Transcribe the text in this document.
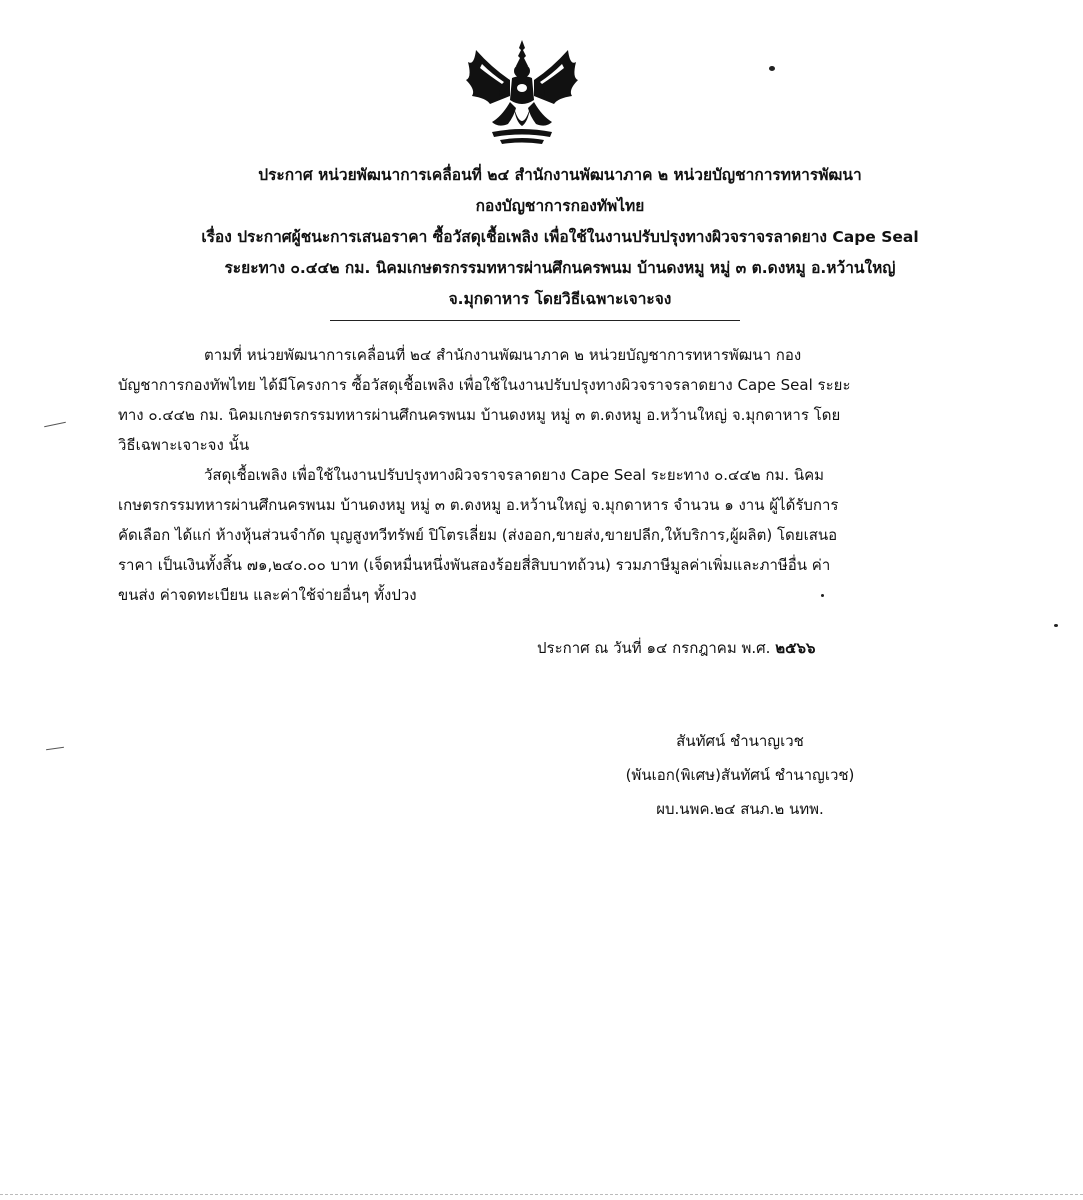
ประกาศ หน่วยพัฒนาการเคลื่อนที่ ๒๔ สำนักงานพัฒนาภาค ๒ หน่วยบัญชาการทหารพัฒนา
กองบัญชาการกองทัพไทย
เรื่อง ประกาศผู้ชนะการเสนอราคา ซื้อวัสดุเชื้อเพลิง เพื่อใช้ในงานปรับปรุงทางผิวจราจรลาดยาง Cape Seal
ระยะทาง ๐.๔๔๒ กม. นิคมเกษตรกรรมทหารผ่านศึกนครพนม บ้านดงหมู หมู่ ๓ ต.ดงหมู อ.หว้านใหญ่
จ.มุกดาหาร โดยวิธีเฉพาะเจาะจง
ตามที่ หน่วยพัฒนาการเคลื่อนที่ ๒๔ สำนักงานพัฒนาภาค ๒ หน่วยบัญชาการทหารพัฒนา กอง
บัญชาการกองทัพไทย ได้มีโครงการ ซื้อวัสดุเชื้อเพลิง เพื่อใช้ในงานปรับปรุงทางผิวจราจรลาดยาง Cape Seal ระยะ
ทาง ๐.๔๔๒ กม. นิคมเกษตรกรรมทหารผ่านศึกนครพนม บ้านดงหมู หมู่ ๓ ต.ดงหมู อ.หว้านใหญ่ จ.มุกดาหาร โดย
วิธีเฉพาะเจาะจง นั้น
วัสดุเชื้อเพลิง เพื่อใช้ในงานปรับปรุงทางผิวจราจรลาดยาง Cape Seal ระยะทาง ๐.๔๔๒ กม. นิคม
เกษตรกรรมทหารผ่านศึกนครพนม บ้านดงหมู หมู่ ๓ ต.ดงหมู อ.หว้านใหญ่ จ.มุกดาหาร จำนวน ๑ งาน ผู้ได้รับการ
คัดเลือก ได้แก่ ห้างหุ้นส่วนจำกัด บุญสูงทวีทรัพย์ ปิโตรเลี่ยม (ส่งออก,ขายส่ง,ขายปลีก,ให้บริการ,ผู้ผลิต) โดยเสนอ
ราคา เป็นเงินทั้งสิ้น ๗๑,๒๔๐.๐๐ บาท (เจ็ดหมื่นหนึ่งพันสองร้อยสี่สิบบาทถ้วน) รวมภาษีมูลค่าเพิ่มและภาษีอื่น ค่า
ขนส่ง ค่าจดทะเบียน และค่าใช้จ่ายอื่นๆ ทั้งปวง
ประกาศ ณ วันที่ ๑๔ กรกฎาคม พ.ศ. ๒๕๖๖
สันทัศน์ ชำนาญเวช
(พันเอก(พิเศษ)สันทัศน์ ชำนาญเวช)
ผบ.นพค.๒๔ สนภ.๒ นทพ.
